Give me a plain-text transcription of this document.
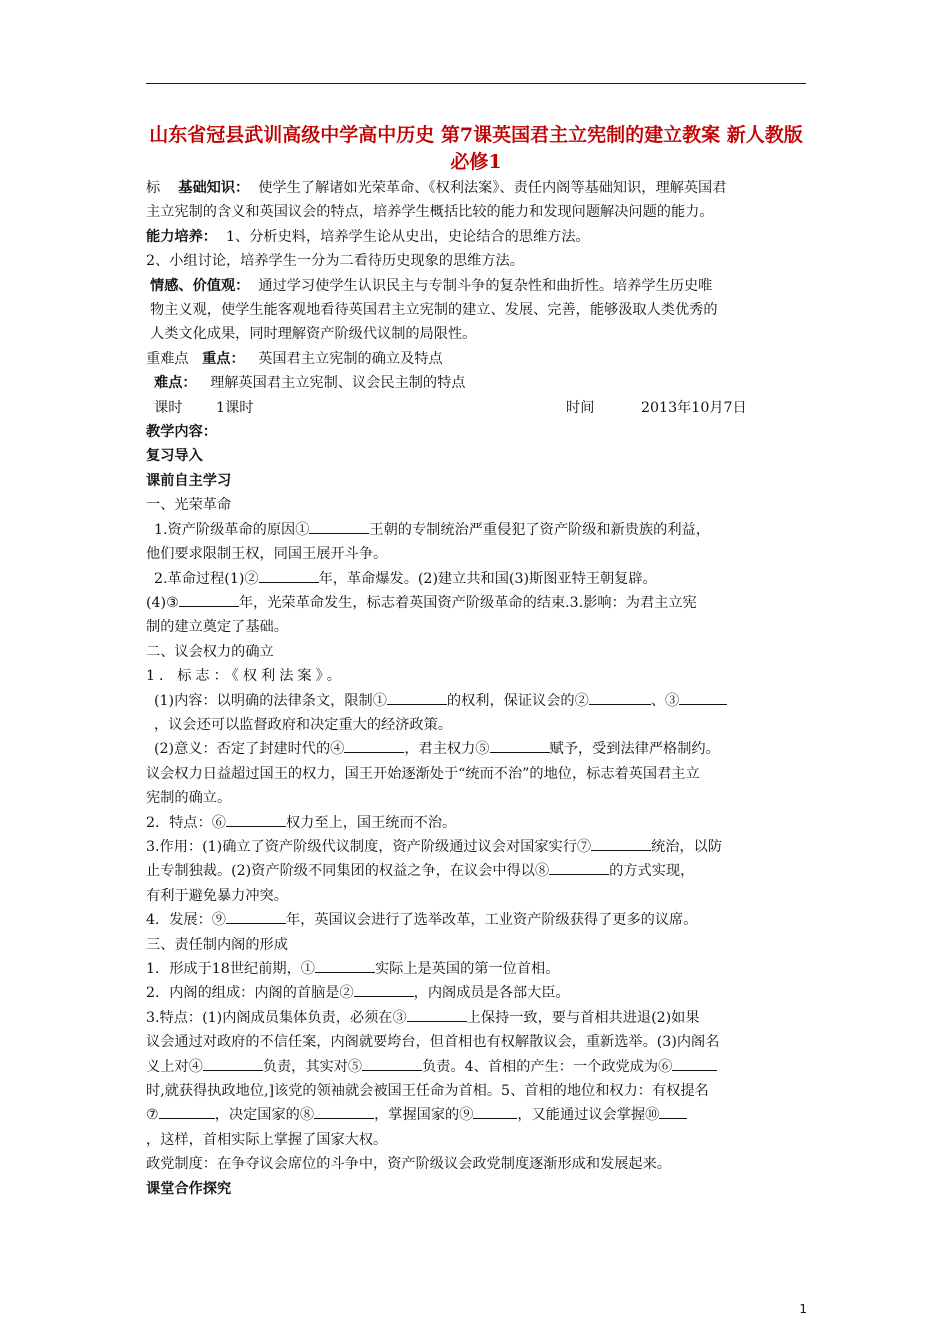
山东省冠县武训高级中学高中历史 第7课英国君主立宪制的建立教案 新人教版必修1

标 基础知识： 使学生了解诸如光荣革命、《权利法案》、责任内阁等基础知识，理解英国君

主立宪制的含义和英国议会的特点，培养学生概括比较的能力和发现问题解决问题的能力。

能力培养： 1、分析史料，培养学生论从史出，史论结合的思维方法。

2、小组讨论，培养学生一分为二看待历史现象的思维方法。

情感、价值观： 通过学习使学生认识民主与专制斗争的复杂性和曲折性。培养学生历史唯

物主义观，使学生能客观地看待英国君主立宪制的建立、发展、完善，能够汲取人类优秀的

人类文化成果，同时理解资产阶级代议制的局限性。

重难点 重点： 英国君主立宪制的确立及特点

难点： 理解英国君主立宪制、议会民主制的特点

课时 1课时	时间	2013年10月7日

教学内容：

复习导入

课前自主学习

一、光荣革命

1.资产阶级革命的原因①	王朝的专制统治严重侵犯了资产阶级和新贵族的利益，

他们要求限制王权，同国王展开斗争。

2.革命过程(1)②	年，革命爆发。(2)建立共和国(3)斯图亚特王朝复辟。

(4)③	年，光荣革命发生，标志着英国资产阶级革命的结束.3.影响：为君主立宪

制的建立奠定了基础。

二、议会权力的确立

1．标志：《权利法案》。

(1)内容：以明确的法律条文，限制①	的权利，保证议会的②	、③

，议会还可以监督政府和决定重大的经济政策。

(2)意义：否定了封建时代的④	，君主权力⑤	赋予，受到法律严格制约。

议会权力日益超过国王的权力，国王开始逐渐处于“统而不治”的地位，标志着英国君主立

宪制的确立。

2．特点：⑥	权力至上，国王统而不治。

3.作用：(1)确立了资产阶级代议制度，资产阶级通过议会对国家实行⑦	统治，以防

止专制独裁。(2)资产阶级不同集团的权益之争，在议会中得以⑧	的方式实现，

有利于避免暴力冲突。

4．发展：⑨	年，英国议会进行了选举改革，工业资产阶级获得了更多的议席。

三、责任制内阁的形成

1．形成于18世纪前期，①	实际上是英国的第一位首相。

2．内阁的组成：内阁的首脑是②	，内阁成员是各部大臣。

3.特点：(1)内阁成员集体负责，必须在③	上保持一致，要与首相共进退(2)如果

议会通过对政府的不信任案，内阁就要垮台，但首相也有权解散议会，重新选举。(3)内阁名

义上对④	负责，其实对⑤	负责。4、首相的产生：一个政党成为⑥

时,就获得执政地位,]该党的领袖就会被国王任命为首相。5、首相的地位和权力：有权提名

⑦	，决定国家的⑧	，掌握国家的⑨	，又能通过议会掌握⑩

，这样，首相实际上掌握了国家大权。

政党制度：在争夺议会席位的斗争中，资产阶级议会政党制度逐渐形成和发展起来。

课堂合作探究

1
